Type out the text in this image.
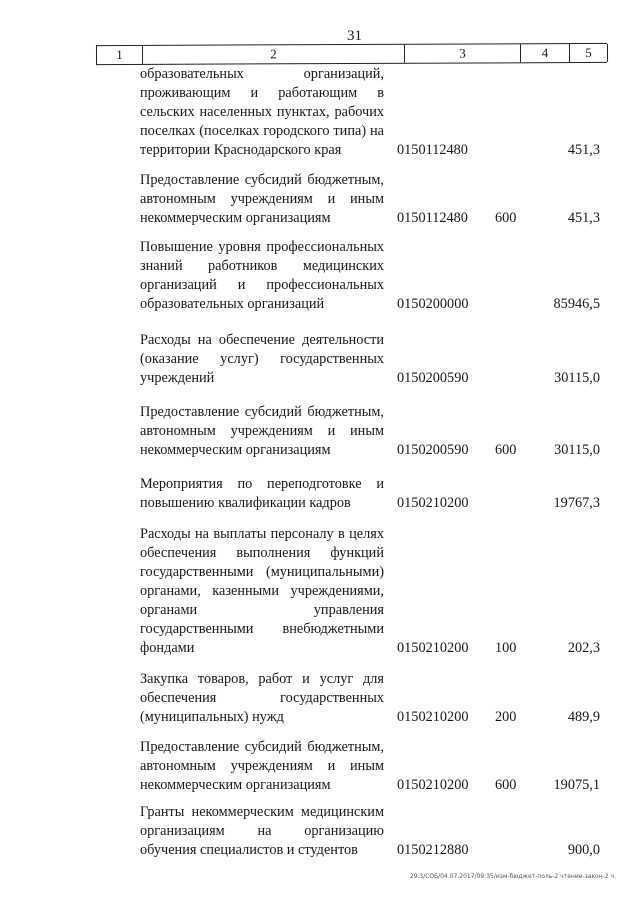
31
1	2	3	4	5
образовательных организаций, проживающим и работающим в сельских населенных пунктах, рабочих поселках (поселках городского типа) на территории Краснодарского края	0150112480	451,3
Предоставление субсидий бюджетным, автономным учреждениям и иным некоммерческим организациям	0150112480 600	451,3
Повышение уровня профессиональных знаний работников медицинских организаций и профессиональных образовательных организаций	0150200000	85946,5
Расходы на обеспечение деятельности (оказание услуг) государственных учреждений	0150200590	30115,0
Предоставление субсидий бюджетным, автономным учреждениям и иным некоммерческим организациям	0150200590 600	30115,0
Мероприятия по переподготовке и повышению квалификации кадров	0150210200	19767,3
Расходы на выплаты персоналу в целях обеспечения выполнения функций государственными (муниципальными) органами, казенными учреждениями, органами управления государственными внебюджетными фондами	0150210200 100	202,3
Закупка товаров, работ и услуг для обеспечения государственных (муниципальных) нужд	0150210200 200	489,9
Предоставление субсидий бюджетным, автономным учреждениям и иным некоммерческим организациям	0150210200 600	19075,1
Гранты некоммерческим медицинским организациям на организацию обучения специалистов и студентов	0150212880	900,0
29.3/СОБ/04.07.2017/09:35/изм-бюджет-поль-2 чтение-закон-2 ч.
